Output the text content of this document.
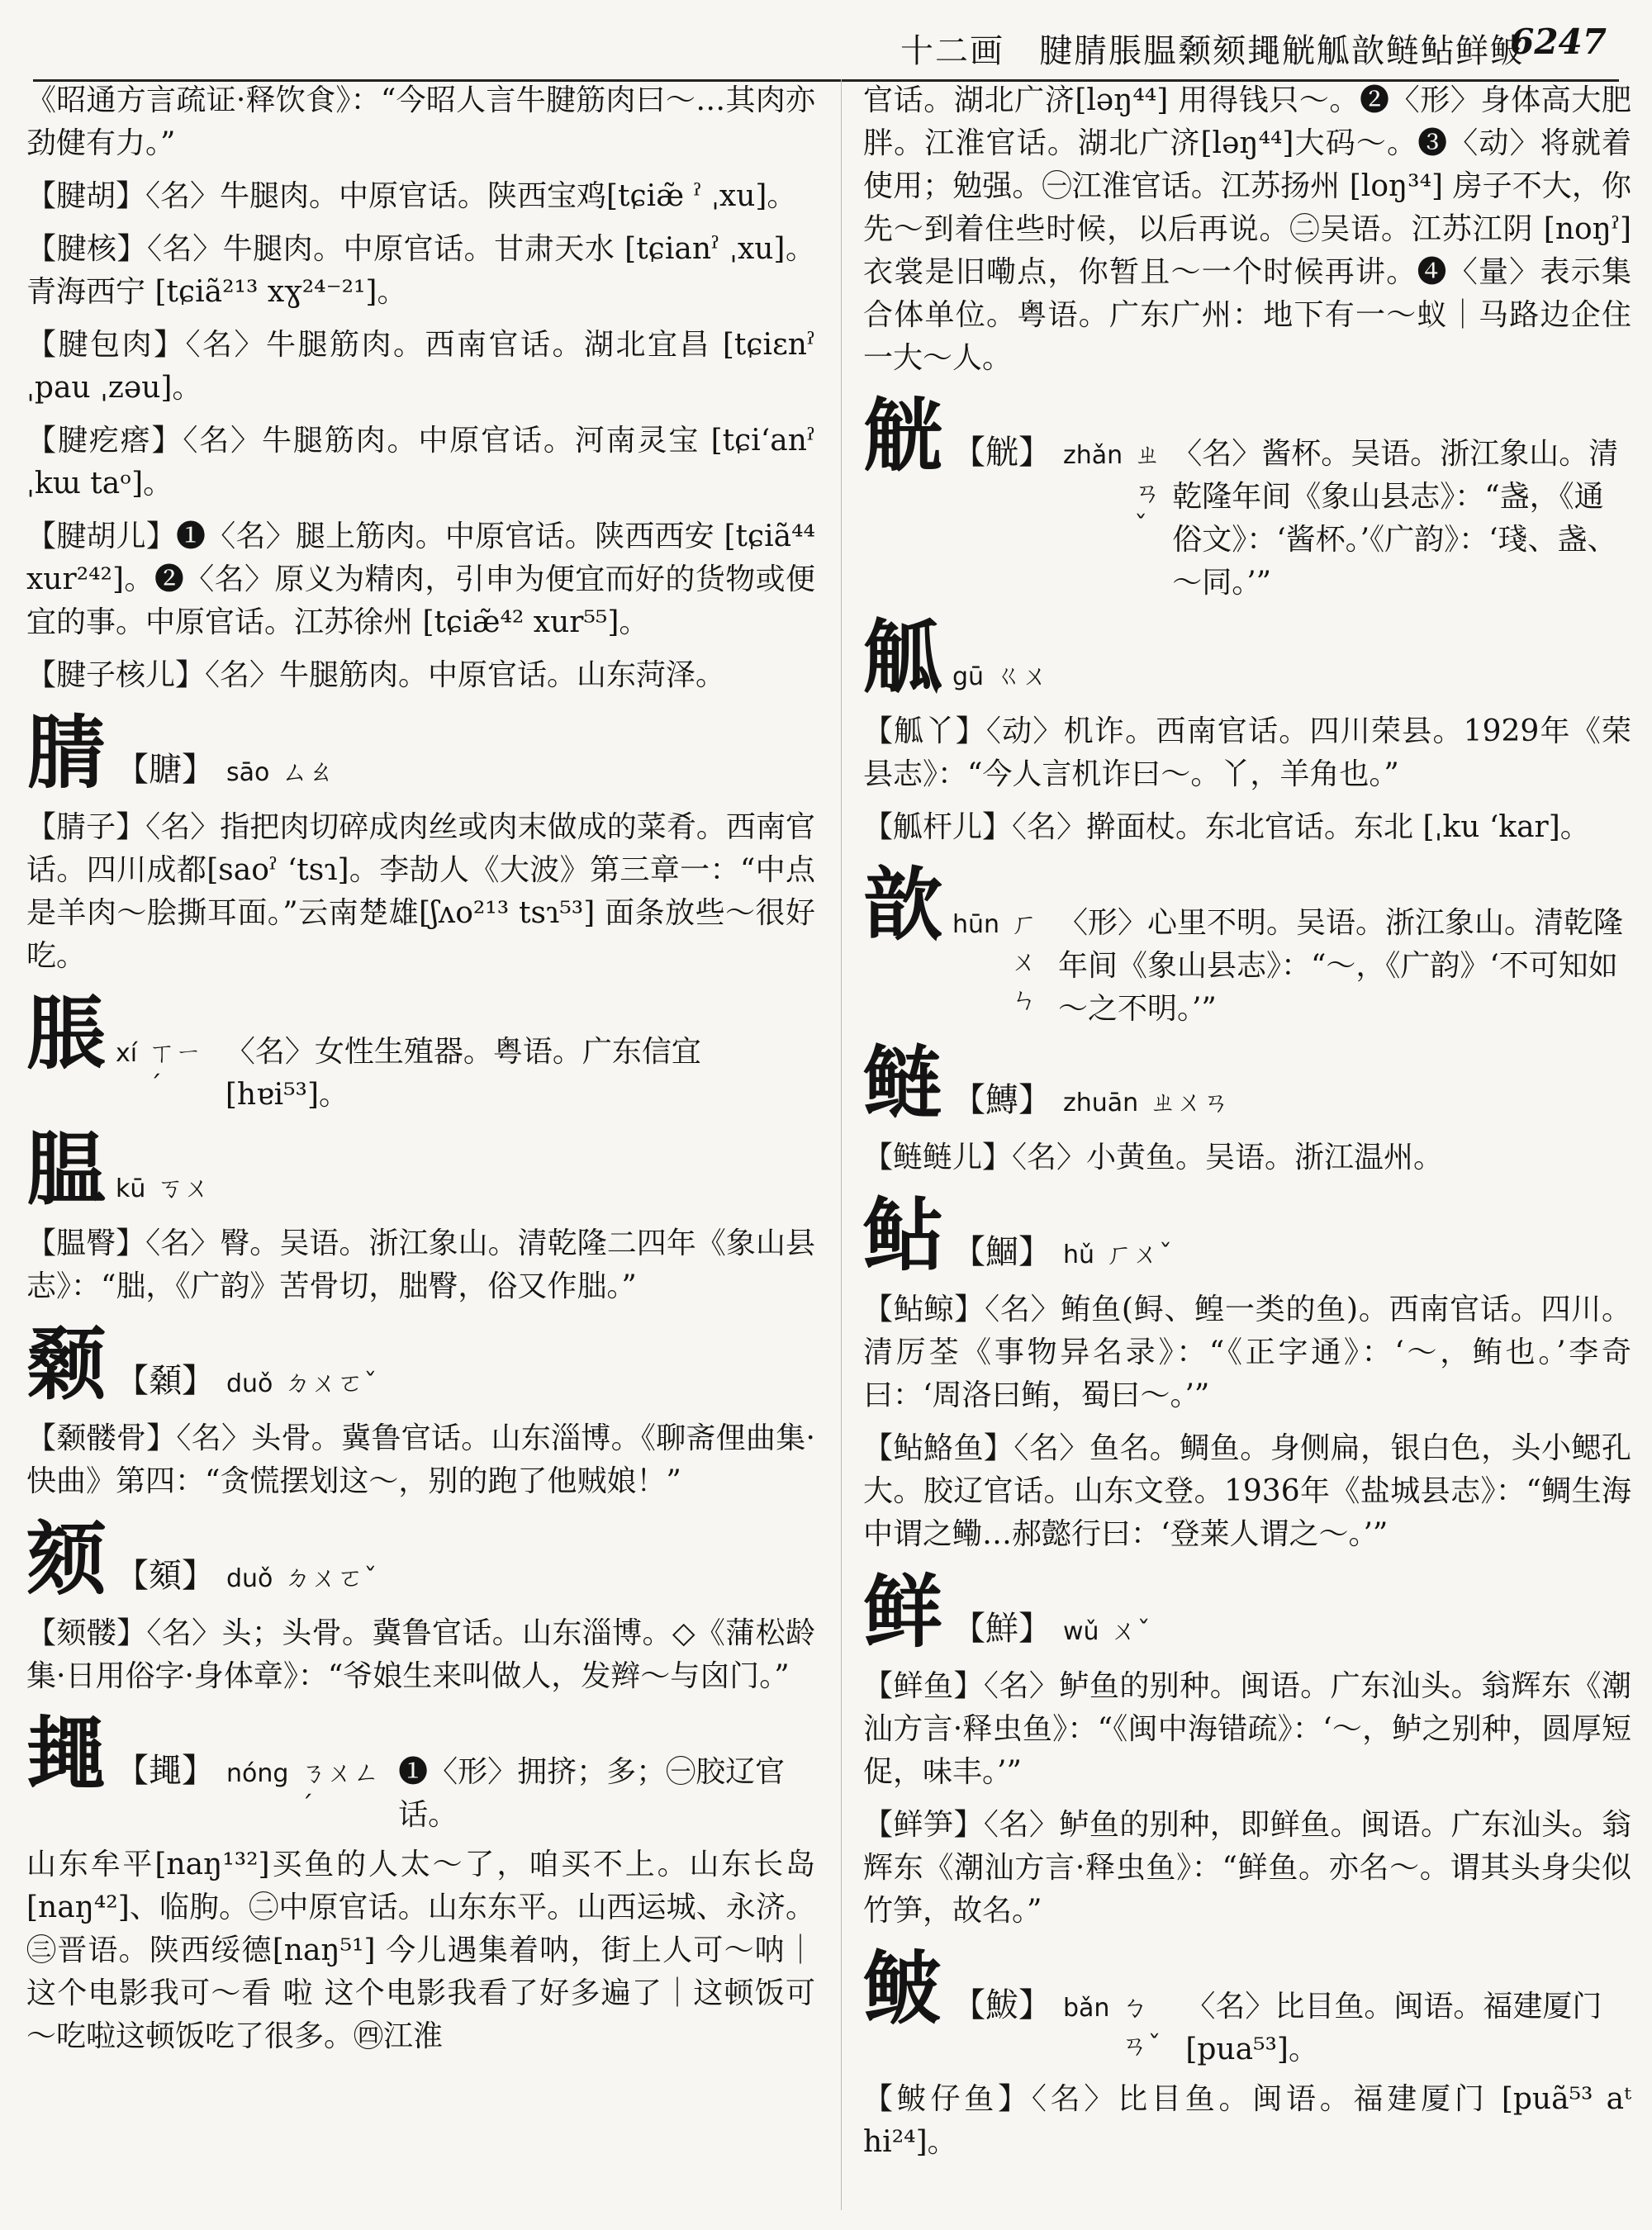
十二画　腱腈脹腽颡颏䵷觥觚歆鲢鲇鲜鲏
6247

《昭通方言疏证·释饮食》：“今昭人言牛腱筋肉曰～…其肉亦劲健有力。”

【腱胡】〈名〉牛腿肉。中原官话。陕西宝鸡[tɕiæ̃ ˀ ˌxu]。

【腱核】〈名〉牛腿肉。中原官话。甘肃天水 [tɕianˀ ˌxu]。青海西宁 [tɕiã²¹³ xɣ²⁴⁻²¹]。

【腱包肉】〈名〉牛腿筋肉。西南官话。湖北宜昌 [tɕiɛnˀ ˌpau ˌzəu]。

【腱疙瘩】〈名〉牛腿筋肉。中原官话。河南灵宝 [tɕiʻanˀ ˌkɯ taᵒ]。

【腱胡儿】❶〈名〉腿上筋肉。中原官话。陕西西安 [tɕiã⁴⁴ xur²⁴²]。❷〈名〉原义为精肉，引申为便宜而好的货物或便宜的事。中原官话。江苏徐州 [tɕiæ̃⁴² xur⁵⁵]。

【腱子核儿】〈名〉牛腿筋肉。中原官话。山东菏泽。

腈 【膅】 sāo ㄙㄠ

【腈子】〈名〉指把肉切碎成肉丝或肉末做成的菜肴。西南官话。四川成都[saoˀ ʻtsɿ]。李劼人《大波》第三章一：“中点是羊肉～脍撕耳面。”云南楚雄[ʃʌo²¹³ tsɿ⁵³] 面条放些～很好吃。

脹 xí ㄒㄧˊ
〈名〉女性生殖器。粤语。广东信宜[hɐi⁵³]。
腽 kū ㄎㄨ

【腽臀】〈名〉臀。吴语。浙江象山。清乾隆二四年《象山县志》：“朏，《广韵》苦骨切，朏臀，俗又作朏。”

颡 【顙】 duǒ ㄉㄨㄛˇ

【颡髅骨】〈名〉头骨。冀鲁官话。山东淄博。《聊斋俚曲集·快曲》第四：“贪慌摆划这～，别的跑了他贼娘！”

颏 【頦】 duǒ ㄉㄨㄛˇ

【颏髅】〈名〉头；头骨。冀鲁官话。山东淄博。◇《蒲松龄集·日用俗字·身体章》：“爷娘生来叫做人，发辫～与囟门。”

䵷 【䵷】 nóng ㄋㄨㄥˊ
❶〈形〉拥挤；多；㊀胶辽官话。

山东牟平[naŋ¹³²]买鱼的人太～了，咱买不上。山东长岛[naŋ⁴²]、临朐。㊁中原官话。山东东平。山西运城、永济。㊂晋语。陕西绥德[naŋ⁵¹] 今儿遇集着呐，街上人可～呐｜这个电影我可～看 啦 这个电影我看了好多遍了｜这顿饭可～吃啦这顿饭吃了很多。㊃江淮

官话。湖北广济[ləŋ⁴⁴] 用得钱只～。❷〈形〉身体高大肥胖。江淮官话。湖北广济[ləŋ⁴⁴]大码～。❸〈动〉将就着使用；勉强。㊀江淮官话。江苏扬州 [loŋ³⁴] 房子不大，你先～到着住些时候，以后再说。㊁吴语。江苏江阴 [noŋˀ] 衣裳是旧嘞点，你暂且～一个时候再讲。❹〈量〉表示集合体单位。粤语。广东广州：地下有一～蚁｜马路边企住一大～人。

觥 【觥】 zhǎn ㄓㄢˇ
〈名〉酱杯。吴语。浙江象山。清乾隆年间《象山县志》：“盏，《通俗文》：‘酱杯。’《广韵》：‘琖、盏、～同。’”
觚 gū ㄍㄨ

【觚丫】〈动〉机诈。西南官话。四川荣县。1929年《荣县志》：“今人言机诈曰～。丫，羊角也。”

【觚杆儿】〈名〉擀面杖。东北官话。东北 [ˌku ʻkar]。

歆 hūn ㄏㄨㄣ
〈形〉心里不明。吴语。浙江象山。清乾隆年间《象山县志》：“～，《广韵》‘不可知如～之不明。’”
鲢 【鱄】 zhuān ㄓㄨㄢ

【鲢鲢儿】〈名〉小黄鱼。吴语。浙江温州。

鲇 【鯝】 hǔ ㄏㄨˇ

【鲇鲸】〈名〉鲔鱼(鲟、鳇一类的鱼)。西南官话。四川。清厉荃《事物异名录》：“《正字通》：‘～，鲔也。’李奇曰：‘周洛曰鲔，蜀曰～。’”

【鲇鮥鱼】〈名〉鱼名。鲷鱼。身侧扁，银白色，头小鳃孔大。胶辽官话。山东文登。1936年《盐城县志》：“鲷生海中谓之鳓…郝懿行曰：‘登莱人谓之～。’”

鲜 【鮮】 wǔ ㄨˇ

【鲜鱼】〈名〉鲈鱼的别种。闽语。广东汕头。翁辉东《潮汕方言·释虫鱼》：“《闽中海错疏》：‘～，鲈之别种，圆厚短促，味丰。’”

【鲜笋】〈名〉鲈鱼的别种，即鲜鱼。闽语。广东汕头。翁辉东《潮汕方言·释虫鱼》：“鲜鱼。亦名～。谓其头身尖似竹笋，故名。”

鲏 【鮁】 bǎn ㄅㄢˇ
〈名〉比目鱼。闽语。福建厦门 [pua⁵³]。

【鲏仔鱼】〈名〉比目鱼。闽语。福建厦门 [puã⁵³ aᵗ hi²⁴]。
